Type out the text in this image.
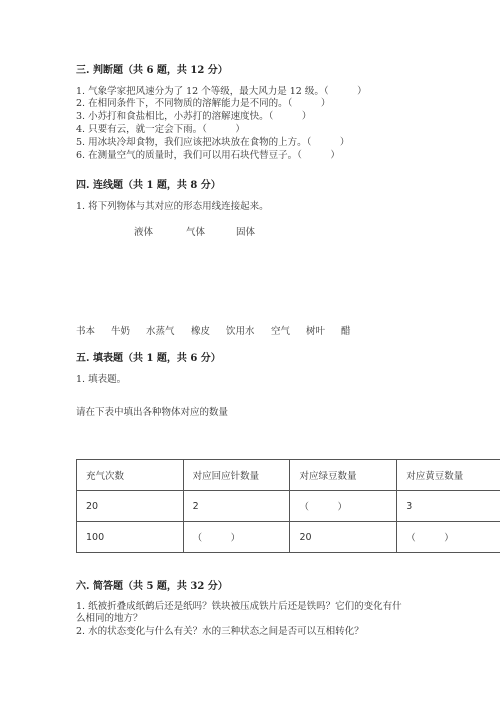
三. 判断题（共 6 题，共 12 分）
1. 气象学家把风速分为了 12 个等级，最大风力是 12 级。（　　　）
2. 在相同条件下，不同物质的溶解能力是不同的。（　　　）
3. 小苏打和食盐相比，小苏打的溶解速度快。（　　　）
4. 只要有云，就一定会下雨。（　　　）
5. 用冰块冷却食物，我们应该把冰块放在食物的上方。（　　　）
6. 在测量空气的质量时，我们可以用石块代替豆子。（　　　）
四. 连线题（共 1 题，共 8 分）
1. 将下列物体与其对应的形态用线连接起来。
液体	气体	固体
书本 牛奶 水蒸气 橡皮 饮用水 空气 树叶 醋
五. 填表题（共 1 题，共 6 分）
1. 填表题。
请在下表中填出各种物体对应的数量
充气次数	对应回应针数量	对应绿豆数量	对应黄豆数量
20	2	（　　　）	3
100	（　　　）	20	（　　　）
六. 简答题（共 5 题，共 32 分）
1. 纸被折叠成纸鹤后还是纸吗？铁块被压成铁片后还是铁吗？它们的变化有什
么相同的地方？
2. 水的状态变化与什么有关？水的三种状态之间是否可以互相转化？
